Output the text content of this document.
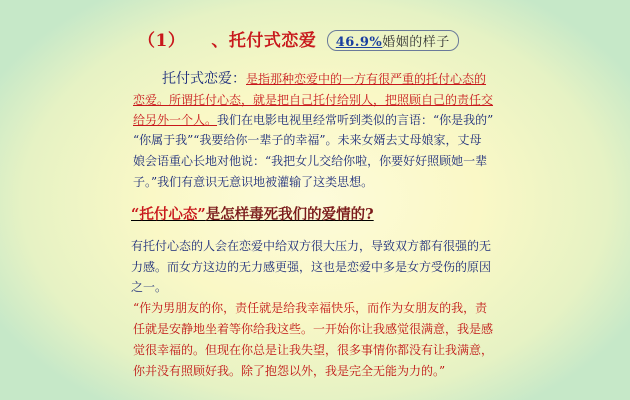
（1） 、托付式恋爱 46.9%婚姻的样子
托付式恋爱：是指那种恋爱中的一方有很严重的托付心态的
恋爱。所谓托付心态，就是把自己托付给别人，把照顾自己的责任交
给另外一个人。我们在电影电视里经常听到类似的言语：“你是我的”
“你属于我”“我要给你一辈子的幸福”。未来女婿去丈母娘家，丈母
娘会语重心长地对他说：“我把女儿交给你啦，你要好好照顾她一辈
子。”我们有意识无意识地被灌输了这类思想。
“托付心态”是怎样毒死我们的爱情的?
有托付心态的人会在恋爱中给双方很大压力，导致双方都有很强的无
力感。而女方这边的无力感更强，这也是恋爱中多是女方受伤的原因
之一。
“作为男朋友的你，责任就是给我幸福快乐，而作为女朋友的我，责
任就是安静地坐着等你给我这些。一开始你让我感觉很满意，我是感
觉很幸福的。但现在你总是让我失望，很多事情你都没有让我满意，
你并没有照顾好我。除了抱怨以外，我是完全无能为力的。”
